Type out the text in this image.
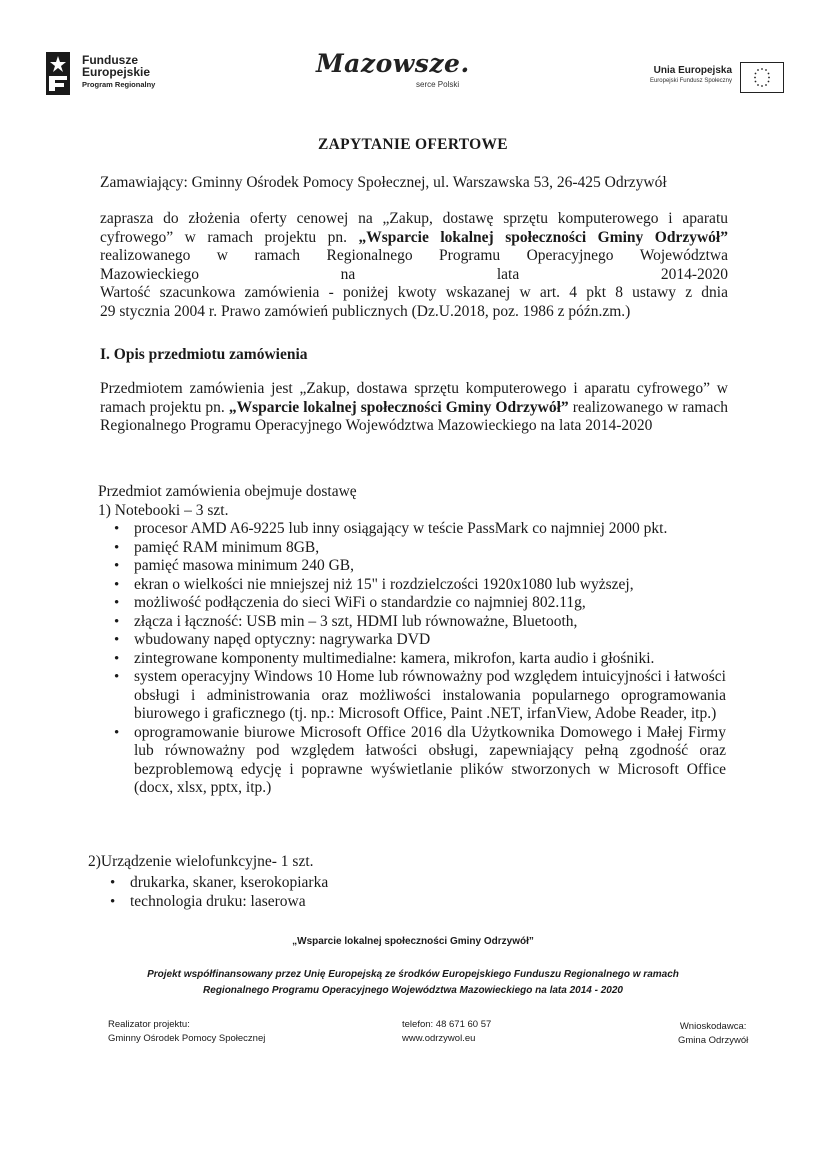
Fundusze
Europejskie
Program Regionalny
Mazowsze.
serce Polski
Unia Europejska
Europejski Fundusz Społeczny
ZAPYTANIE OFERTOWE
Zamawiający: Gminny Ośrodek Pomocy Społecznej, ul. Warszawska 53, 26-425 Odrzywół
zaprasza do złożenia oferty cenowej na „Zakup, dostawę sprzętu komputerowego i aparatu
cyfrowego” w ramach projektu pn. „Wsparcie lokalnej społeczności Gminy Odrzywół”
realizowanego w ramach Regionalnego Programu Operacyjnego Województwa
Mazowieckiego na lata 2014-2020
Wartość szacunkowa zamówienia - poniżej kwoty wskazanej w art. 4 pkt 8 ustawy z dnia
29 stycznia 2004 r. Prawo zamówień publicznych (Dz.U.2018, poz. 1986 z późn.zm.)
I. Opis przedmiotu zamówienia
Przedmiotem zamówienia jest „Zakup, dostawa sprzętu komputerowego i aparatu cyfrowego” w ramach projektu pn. „Wsparcie lokalnej społeczności Gminy Odrzywół” realizowanego w ramach Regionalnego Programu Operacyjnego Województwa Mazowieckiego na lata 2014-2020
Przedmiot zamówienia obejmuje dostawę
1) Notebooki – 3 szt.
• procesor AMD A6-9225 lub inny osiągający w teście PassMark co najmniej 2000 pkt.
• pamięć RAM minimum 8GB,
• pamięć masowa minimum 240 GB,
• ekran o wielkości nie mniejszej niż 15" i rozdzielczości 1920x1080 lub wyższej,
• możliwość podłączenia do sieci WiFi o standardzie co najmniej 802.11g,
• złącza i łączność: USB min – 3 szt, HDMI lub równoważne, Bluetooth,
• wbudowany napęd optyczny: nagrywarka DVD
• zintegrowane komponenty multimedialne: kamera, mikrofon, karta audio i głośniki.
• system operacyjny Windows 10 Home lub równoważny pod względem intuicyjności i łatwości obsługi i administrowania oraz możliwości instalowania popularnego oprogramowania biurowego i graficznego (tj. np.: Microsoft Office, Paint .NET, irfanView, Adobe Reader, itp.)
• oprogramowanie biurowe Microsoft Office 2016 dla Użytkownika Domowego i Małej Firmy lub równoważny pod względem łatwości obsługi, zapewniający pełną zgodność oraz bezproblemową edycję i poprawne wyświetlanie plików stworzonych w Microsoft Office (docx, xlsx, pptx, itp.)
2)Urządzenie wielofunkcyjne- 1 szt.
• drukarka, skaner, kserokopiarka
• technologia druku: laserowa
„Wsparcie lokalnej społeczności Gminy Odrzywół”
Projekt współfinansowany przez Unię Europejską ze środków Europejskiego Funduszu Regionalnego w ramach
Regionalnego Programu Operacyjnego Województwa Mazowieckiego na lata 2014 - 2020
Realizator projektu:
Gminny Ośrodek Pomocy Społecznej
telefon: 48 671 60 57
www.odrzywol.eu
Wnioskodawca:
Gmina Odrzywół
